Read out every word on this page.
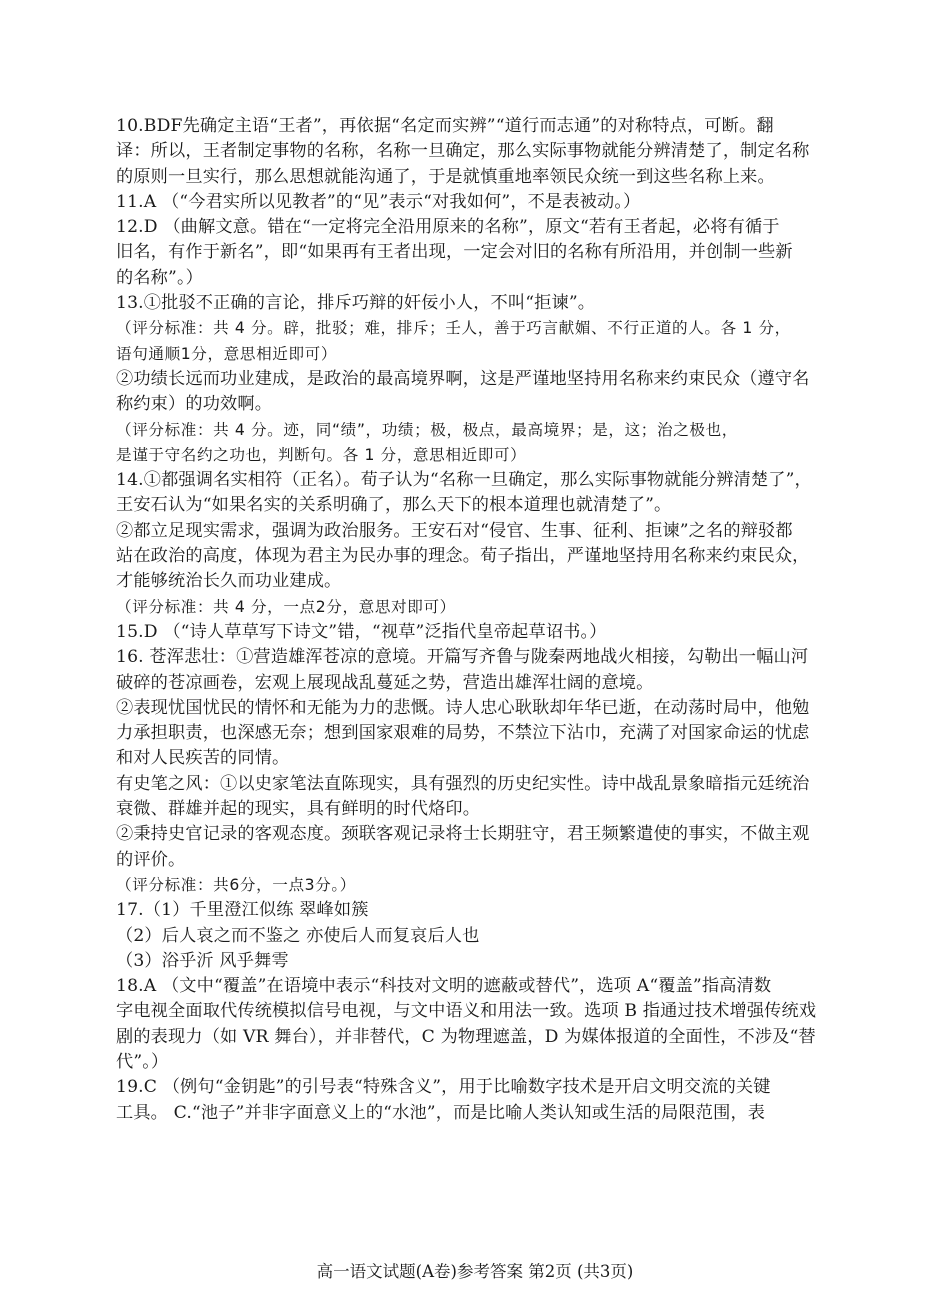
10.BDF先确定主语“王者”，再依据“名定而实辨”“道行而志通”的对称特点，可断。翻
译：所以，王者制定事物的名称，名称一旦确定，那么实际事物就能分辨清楚了，制定名称
的原则一旦实行，那么思想就能沟通了，于是就慎重地率领民众统一到这些名称上来。
11.A （“今君实所以见教者”的“见”表示“对我如何”，不是表被动。）
12.D （曲解文意。错在“一定将完全沿用原来的名称”，原文“若有王者起，必将有循于
旧名，有作于新名”，即“如果再有王者出现，一定会对旧的名称有所沿用，并创制一些新
的名称”。）
13.①批驳不正确的言论，排斥巧辩的奸佞小人，不叫“拒谏”。
（评分标准：共 4 分。辟，批驳；难，排斥；壬人，善于巧言献媚、不行正道的人。各 1 分，
语句通顺1分，意思相近即可）
②功绩长远而功业建成，是政治的最高境界啊，这是严谨地坚持用名称来约束民众（遵守名
称约束）的功效啊。
（评分标准：共 4 分。迹，同“绩”，功绩；极，极点，最高境界；是，这；治之极也，
是谨于守名约之功也，判断句。各 1 分，意思相近即可）
14.①都强调名实相符（正名）。荀子认为“名称一旦确定，那么实际事物就能分辨清楚了”，
王安石认为“如果名实的关系明确了，那么天下的根本道理也就清楚了”。
②都立足现实需求，强调为政治服务。王安石对“侵官、生事、征利、拒谏”之名的辩驳都
站在政治的高度，体现为君主为民办事的理念。荀子指出，严谨地坚持用名称来约束民众，
才能够统治长久而功业建成。
（评分标准：共 4 分，一点2分，意思对即可）
15.D （“诗人草草写下诗文”错，“视草”泛指代皇帝起草诏书。）
16. 苍浑悲壮：①营造雄浑苍凉的意境。开篇写齐鲁与陇秦两地战火相接，勾勒出一幅山河
破碎的苍凉画卷，宏观上展现战乱蔓延之势，营造出雄浑壮阔的意境。
②表现忧国忧民的情怀和无能为力的悲慨。诗人忠心耿耿却年华已逝，在动荡时局中，他勉
力承担职责，也深感无奈；想到国家艰难的局势，不禁泣下沾巾，充满了对国家命运的忧虑
和对人民疾苦的同情。
有史笔之风：①以史家笔法直陈现实，具有强烈的历史纪实性。诗中战乱景象暗指元廷统治
衰微、群雄并起的现实，具有鲜明的时代烙印。
②秉持史官记录的客观态度。颈联客观记录将士长期驻守，君王频繁遣使的事实，不做主观
的评价。
（评分标准：共6分，一点3分。）
17.（1）千里澄江似练 翠峰如簇
（2）后人哀之而不鉴之 亦使后人而复哀后人也
（3）浴乎沂 风乎舞雩
18.A （文中“覆盖”在语境中表示“科技对文明的遮蔽或替代”，选项 A“覆盖”指高清数
字电视全面取代传统模拟信号电视，与文中语义和用法一致。选项 B 指通过技术增强传统戏
剧的表现力（如 VR 舞台），并非替代，C 为物理遮盖，D 为媒体报道的全面性，不涉及“替
代”。）
19.C （例句“金钥匙”的引号表“特殊含义”，用于比喻数字技术是开启文明交流的关键
工具。 C.“池子”并非字面意义上的“水池”，而是比喻人类认知或生活的局限范围，表
高一语文试题(A卷)参考答案 第2页 (共3页)
